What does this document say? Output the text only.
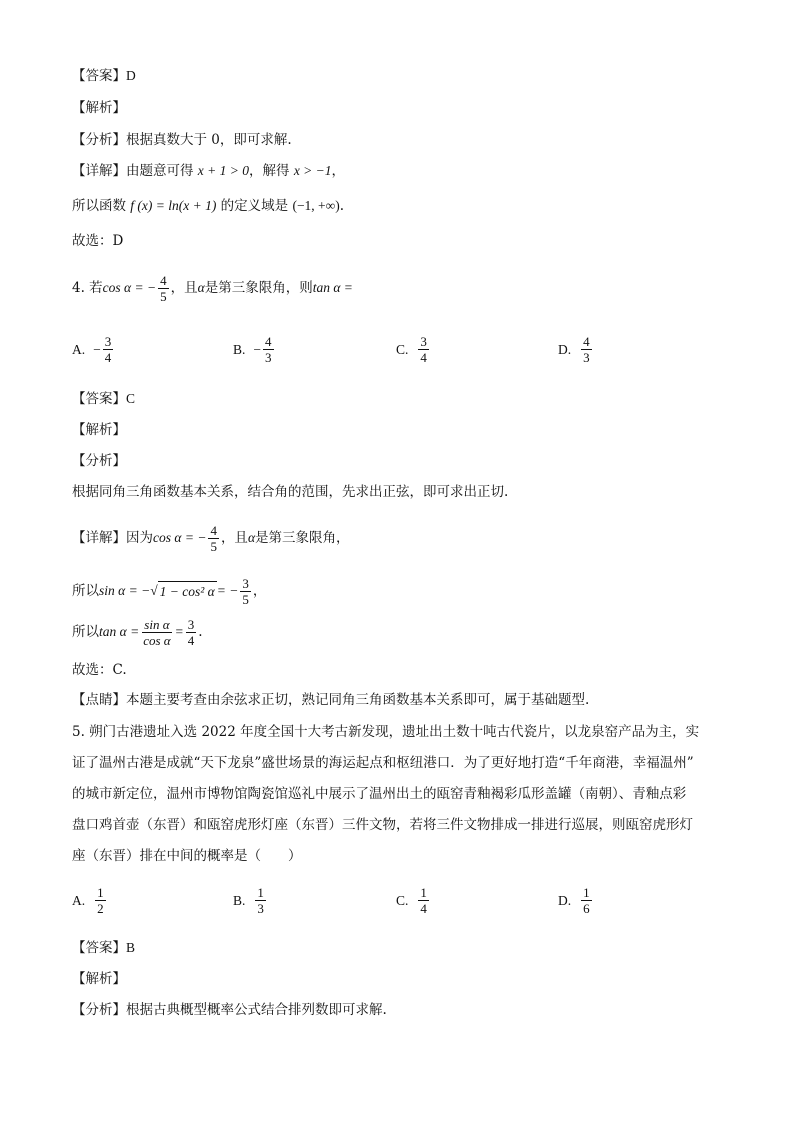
【答案】D
【解析】
【分析】根据真数大于 0，即可求解.
【详解】由题意可得 x + 1 > 0，解得 x > −1，
所以函数 f (x) = ln(x + 1) 的定义域是 (−1, +∞).
故选：D
4. 若 cos α = − $\frac{4}{5}$ ，且 α 是第三象限角，则 tan α =
A. − $\frac{3}{4}$	B. − $\frac{4}{3}$	C. $\frac{3}{4}$	D. $\frac{4}{3}$
【答案】C
【解析】
【分析】
根据同角三角函数基本关系，结合角的范围，先求出正弦，即可求出正切.
【详解】 因为 cos α = − $\frac{4}{5}$ ，且 α 是第三象限角，
所以 sin α = − √ 1 − cos² α = − $\frac{3}{5}$ ，
所以 $\tan \alpha = \frac{\text{sin α}}{\text{cos α}} = \frac{3}{4}$ .
故选：C.
【点睛】本题主要考查由余弦求正切，熟记同角三角函数基本关系即可，属于基础题型.
5. 朔门古港遗址入选 2022 年度全国十大考古新发现，遗址出土数十吨古代瓷片，以龙泉窑产品为主，实
证了温州古港是成就“天下龙泉”盛世场景的海运起点和枢纽港口．为了更好地打造“千年商港，幸福温州”
的城市新定位，温州市博物馆陶瓷馆巡礼中展示了温州出土的瓯窑青釉褐彩瓜形盖罐（南朝）、青釉点彩
盘口鸡首壶（东晋）和瓯窑虎形灯座（东晋）三件文物，若将三件文物排成一排进行巡展，则瓯窑虎形灯
座（东晋）排在中间的概率是（　　）
A. $\frac{1}{2}$	B. $\frac{1}{3}$	C. $\frac{1}{4}$	D. $\frac{1}{6}$
【答案】B
【解析】
【分析】根据古典概型概率公式结合排列数即可求解.
